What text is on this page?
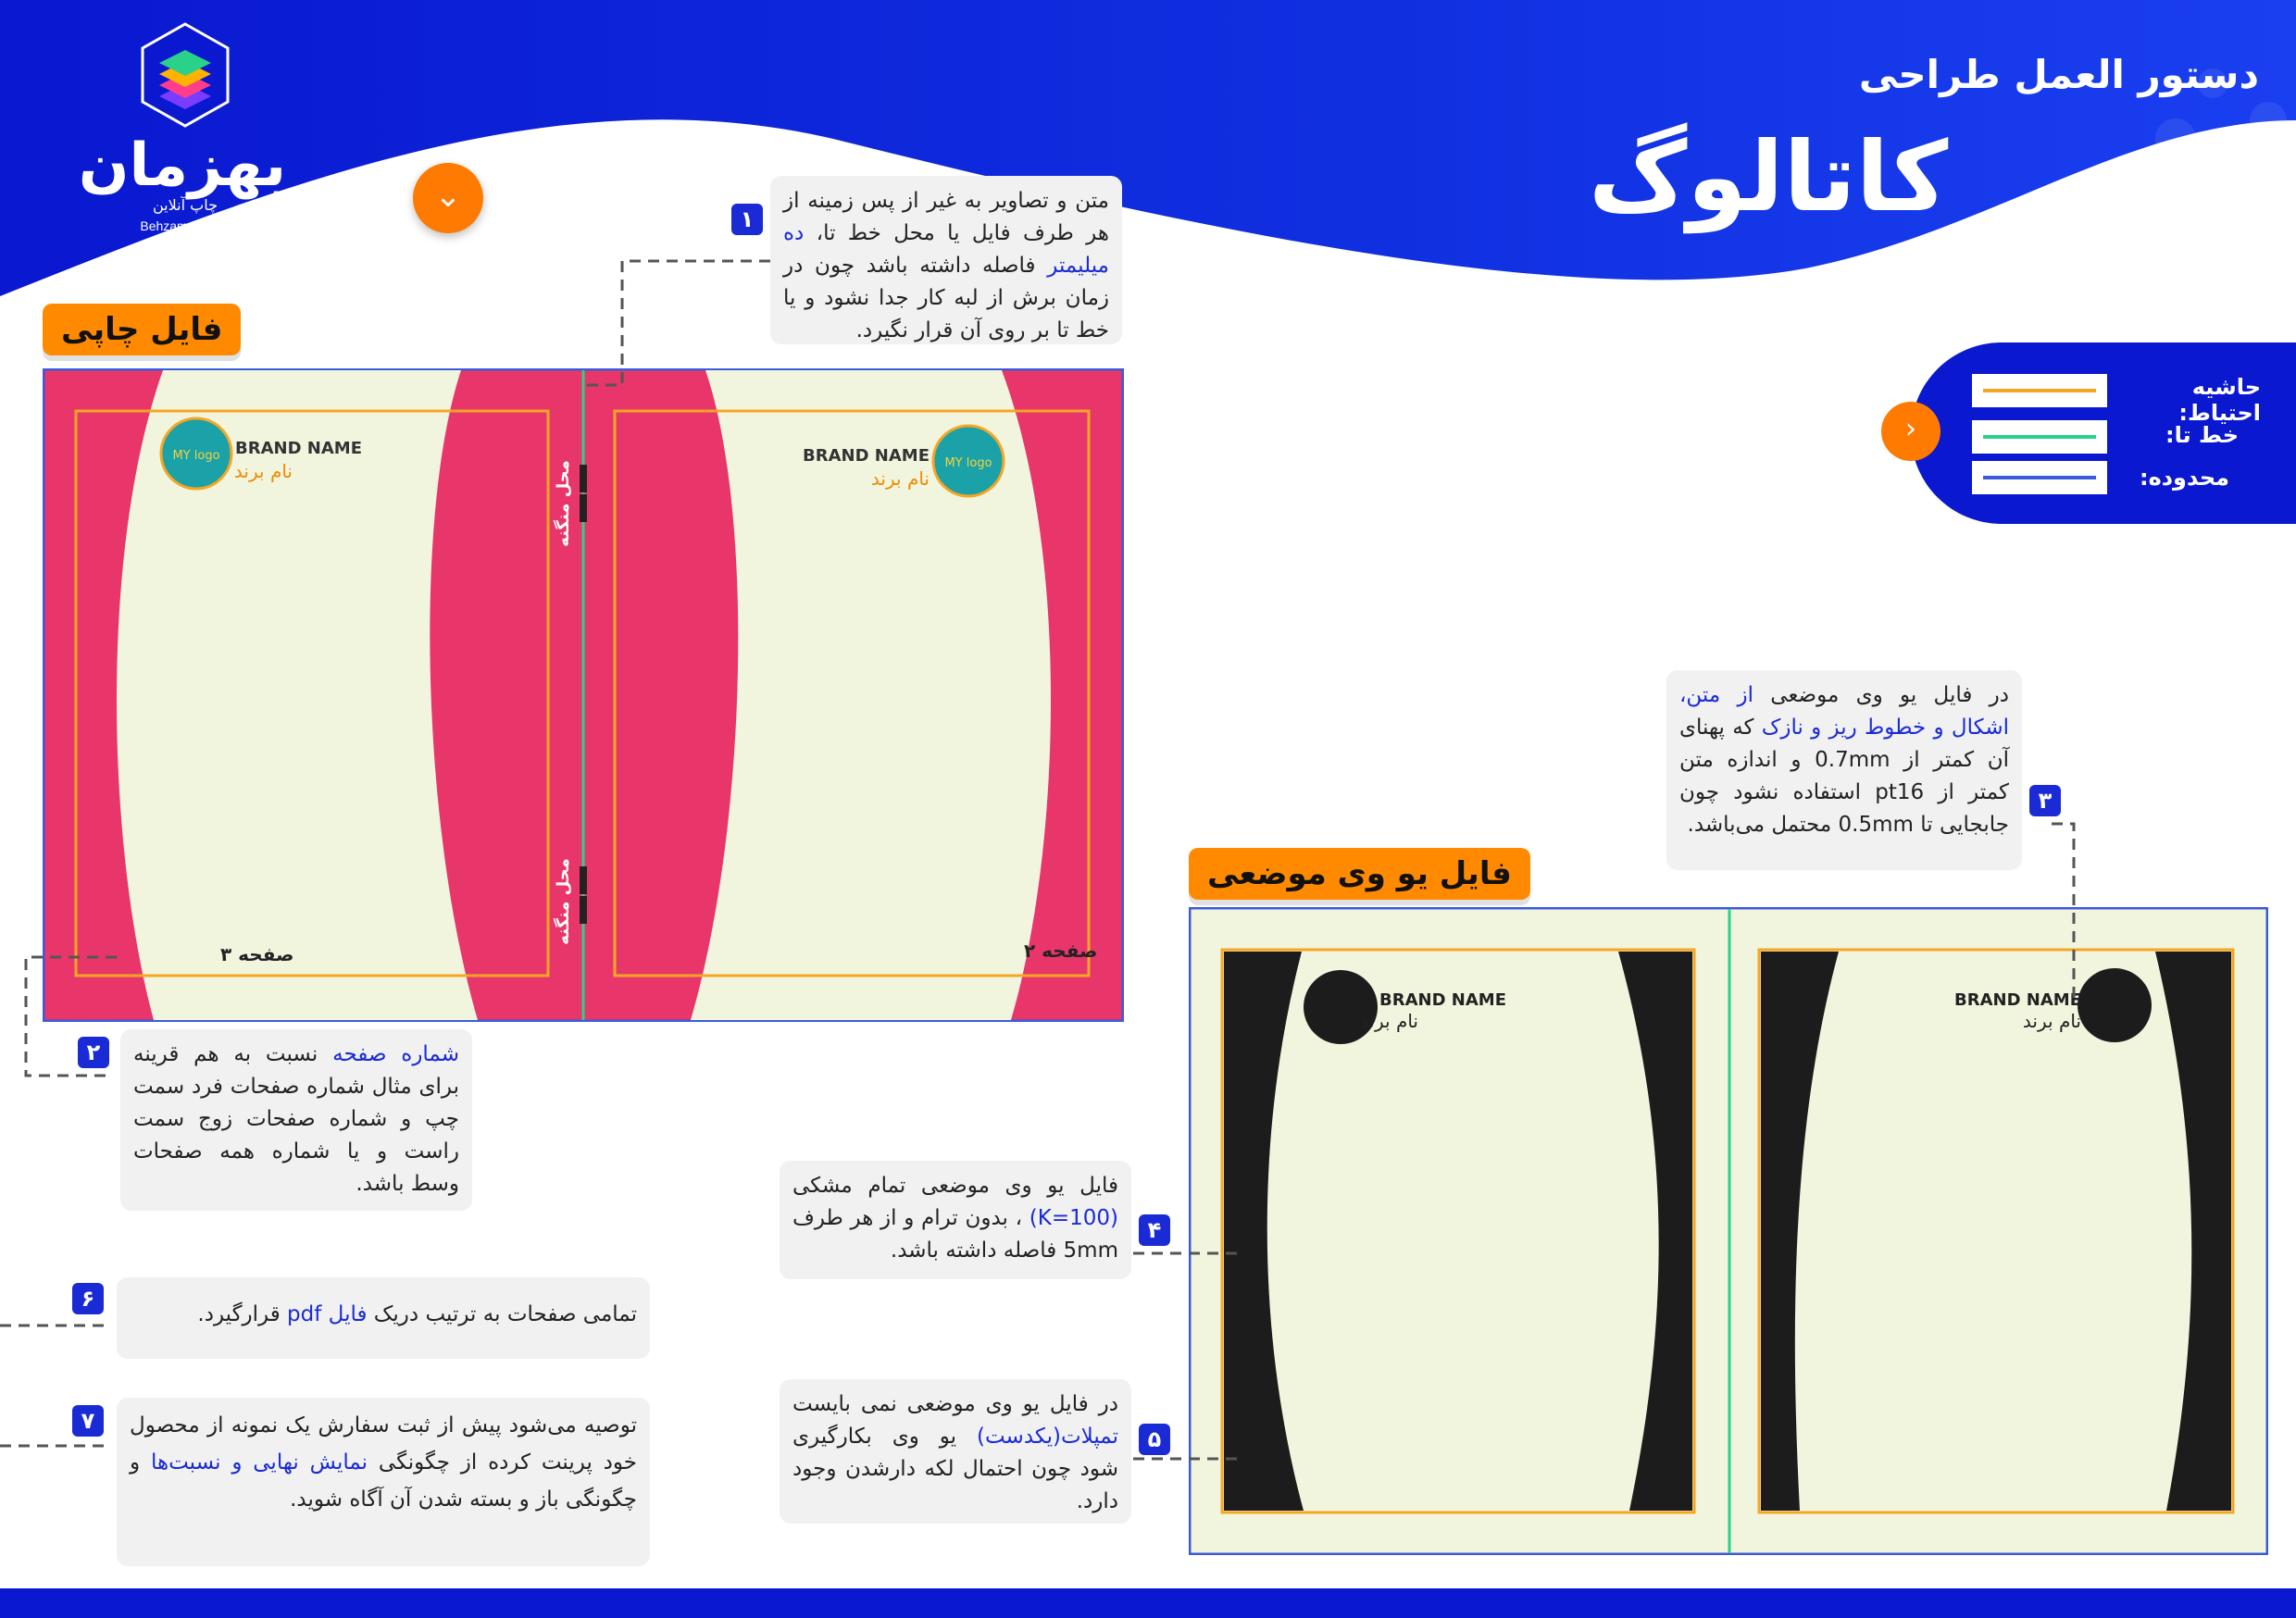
بهزمان
چاپ آنلاین
Behzaman.com
⌄
دستور العمل طراحی
کاتالوگ
›
حاشیه احتیاط:
خط تا:
محدوده:
فایل چاپی
محل منگنه
محل منگنه
MY logo BRAND NAME
نام برند	MY logo
BRAND NAME
نام برند
صفحه ۳	صفحه ۲
فایل یو وی موضعی
BRAND NAME
نام برند
BRAND NAME
نام برند
۱
متن و تصاویر به غیر از پس زمینه از هر طرف فایل یا محل خط تا، ده میلیمتر فاصله داشته باشد چون در زمان برش از لبه کار جدا نشود و یا خط تا بر روی آن قرار نگیرد.
۲	شماره صفحه نسبت به هم قرینه برای مثال شماره صفحات فرد سمت چپ و شماره صفحات زوج سمت راست و یا شماره همه صفحات وسط باشد.
۳
در فایل یو وی موضعی از متن، اشکال و خطوط ریز و نازک که پهنای آن کمتر از 0.7mm و اندازه متن کمتر از pt16 استفاده نشود چون جابجایی تا 0.5mm محتمل می‌باشد.
۴
فایل یو وی موضعی تمام مشکی (K=100) ، بدون ترام و از هر طرف 5mm فاصله داشته باشد.
۵
در فایل یو وی موضعی نمی بایست تمپلات(یکدست) یو وی بکارگیری شود چون احتمال لکه دارشدن وجود دارد.
۶
تمامی صفحات به ترتیب دریک فایل pdf قرارگیرد.
۷	توصیه می‌شود پیش از ثبت سفارش یک نمونه از محصول خود پرینت کرده از چگونگی نمایش نهایی و نسبت‌ها و چگونگی باز و بسته شدن آن آگاه شوید.
